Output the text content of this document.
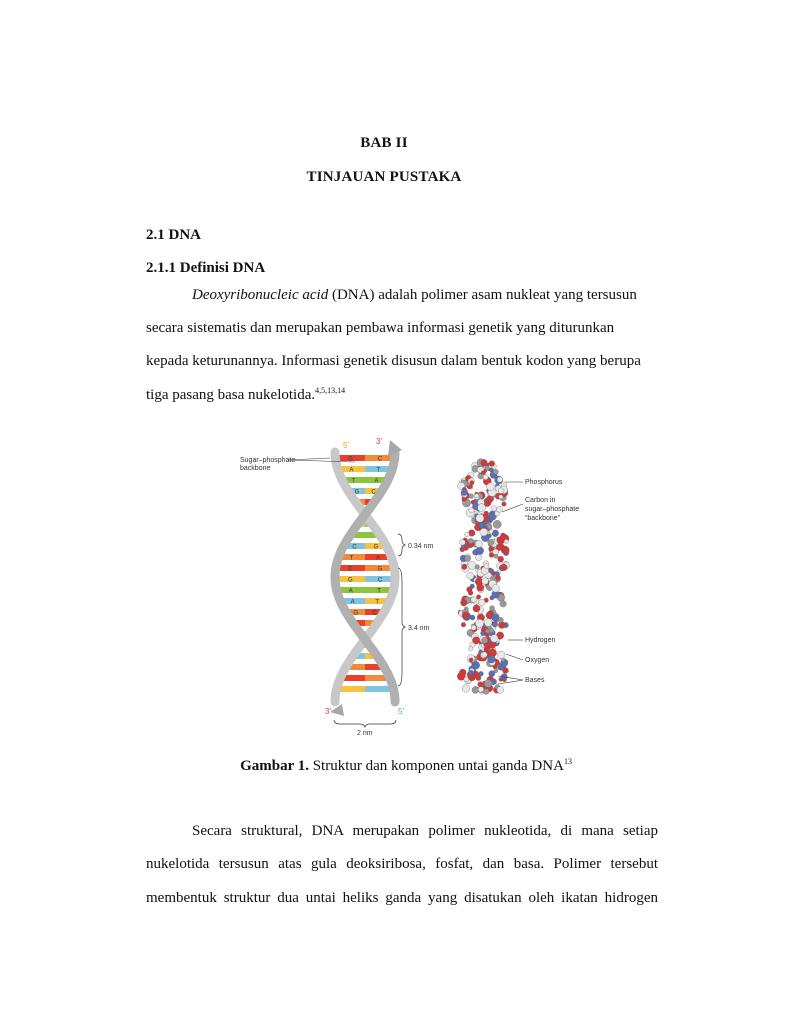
BAB II
TINJAUAN PUSTAKA
2.1 DNA
2.1.1 Definisi DNA
Deoxyribonucleic acid (DNA) adalah polimer asam nukleat yang tersusun
secara sistematis dan merupakan pembawa informasi genetik yang diturunkan
kepada keturunannya. Informasi genetik disusun dalam bentuk kodon yang berupa
tiga pasang basa nukelotida.$^{4,5,13,14}$
G	C
A	T
T	A
G C
C	G
T	A
C	G
G	C
A	T
A	T
G C
Sugar–phosphate
backbone
5’	3’
3’	5’
0.34 nm
3.4 nm
2 nm
Phosphorus
Carbon in
sugar–phosphate
“backbone”
Hydrogen
Oxygen
Bases
Gambar 1. Struktur dan komponen untai ganda DNA$^{13}$
Secara struktural, DNA merupakan polimer nukleotida, di mana setiap
nukelotida tersusun atas gula deoksiribosa, fosfat, dan basa. Polimer tersebut
membentuk struktur dua untai heliks ganda yang disatukan oleh ikatan hidrogen
